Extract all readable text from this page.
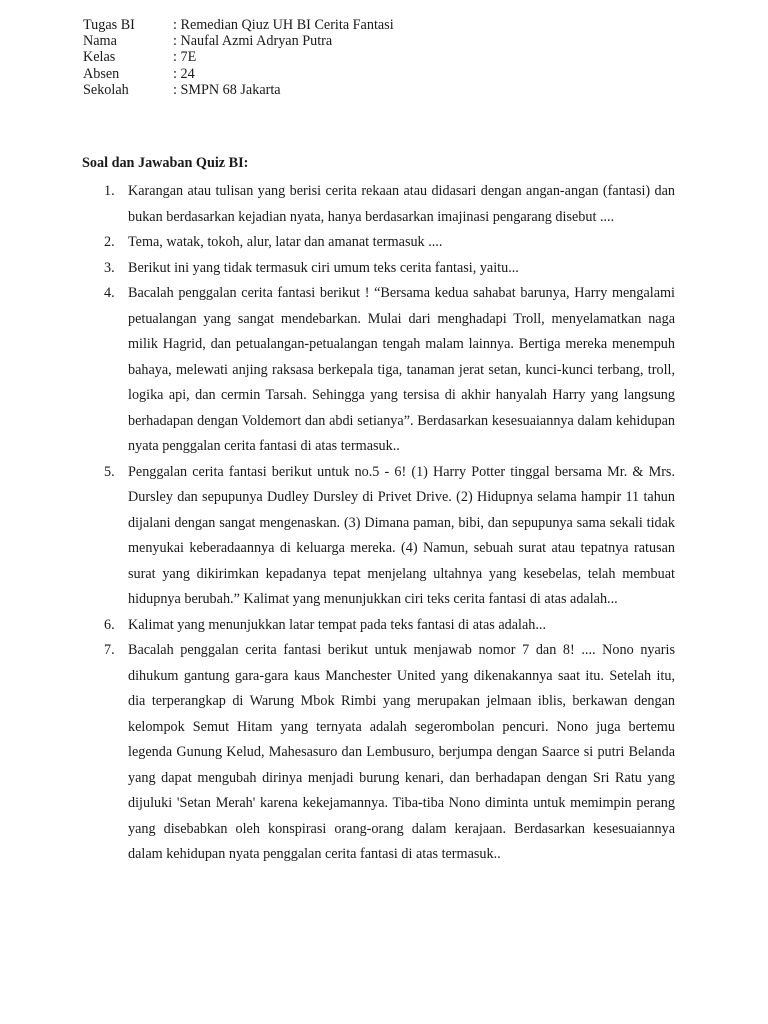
Tugas BI	: Remedian Qiuz UH BI Cerita Fantasi
Nama	: Naufal Azmi Adryan Putra
Kelas	: 7E
Absen	: 24
Sekolah	: SMPN 68 Jakarta
Soal dan Jawaban Quiz BI:
1. Karangan atau tulisan yang berisi cerita rekaan atau didasari dengan angan-angan (fantasi) dan bukan berdasarkan kejadian nyata, hanya berdasarkan imajinasi pengarang disebut ....
2. Tema, watak, tokoh, alur, latar dan amanat termasuk ....
3. Berikut ini yang tidak termasuk ciri umum teks cerita fantasi, yaitu...
4. Bacalah penggalan cerita fantasi berikut ! “Bersama kedua sahabat barunya, Harry mengalami petualangan yang sangat mendebarkan. Mulai dari menghadapi Troll, menyelamatkan naga milik Hagrid, dan petualangan-petualangan tengah malam lainnya. Bertiga mereka menempuh bahaya, melewati anjing raksasa berkepala tiga, tanaman jerat setan, kunci-kunci terbang, troll, logika api, dan cermin Tarsah. Sehingga yang tersisa di akhir hanyalah Harry yang langsung berhadapan dengan Voldemort dan abdi setianya”. Berdasarkan kesesuaiannya dalam kehidupan nyata penggalan cerita fantasi di atas termasuk..
5. Penggalan cerita fantasi berikut untuk no.5 - 6! (1) Harry Potter tinggal bersama Mr. & Mrs. Dursley dan sepupunya Dudley Dursley di Privet Drive. (2) Hidupnya selama hampir 11 tahun dijalani dengan sangat mengenaskan. (3) Dimana paman, bibi, dan sepupunya sama sekali tidak menyukai keberadaannya di keluarga mereka. (4) Namun, sebuah surat atau tepatnya ratusan surat yang dikirimkan kepadanya tepat menjelang ultahnya yang kesebelas, telah membuat hidupnya berubah.” Kalimat yang menunjukkan ciri teks cerita fantasi di atas adalah...
6. Kalimat yang menunjukkan latar tempat pada teks fantasi di atas adalah...
7. Bacalah penggalan cerita fantasi berikut untuk menjawab nomor 7 dan 8! .... Nono nyaris dihukum gantung gara-gara kaus Manchester United yang dikenakannya saat itu. Setelah itu, dia terperangkap di Warung Mbok Rimbi yang merupakan jelmaan iblis, berkawan dengan kelompok Semut Hitam yang ternyata adalah segerombolan pencuri. Nono juga bertemu legenda Gunung Kelud, Mahesasuro dan Lembusuro, berjumpa dengan Saarce si putri Belanda yang dapat mengubah dirinya menjadi burung kenari, dan berhadapan dengan Sri Ratu yang dijuluki 'Setan Merah' karena kekejamannya. Tiba-tiba Nono diminta untuk memimpin perang yang disebabkan oleh konspirasi orang-orang dalam kerajaan. Berdasarkan kesesuaiannya dalam kehidupan nyata penggalan cerita fantasi di atas termasuk..
